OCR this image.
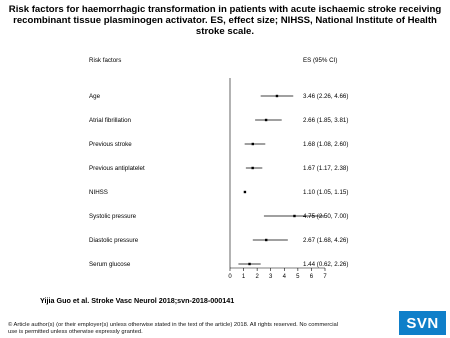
Risk factors for haemorrhagic transformation in patients with acute ischaemic stroke receiving
recombinant tissue plasminogen activator. ES, effect size; NIHSS, National Institute of Health
stroke scale.
Risk factors	ES (95% CI)
Age	3.46 (2.26, 4.66)
Atrial fibrillation	2.66 (1.85, 3.81)
Previous stroke	1.68 (1.08, 2.60)
Previous antiplatelet	1.67 (1.17, 2.38)
NIHSS	1.10 (1.05, 1.15)
Systolic pressure	4.75 (2.50, 7.00)
Diastolic pressure	2.67 (1.68, 4.26)
Serum glucose	1.44 (0.62, 2.26)
0 1 2 3 4 5 6 7
Yijia Guo et al. Stroke Vasc Neurol 2018;svn-2018-000141
© Article author(s) (or their employer(s) unless otherwise stated in the text of the article) 2018. All rights reserved. No commercial use is permitted unless otherwise expressly granted.
SVN
